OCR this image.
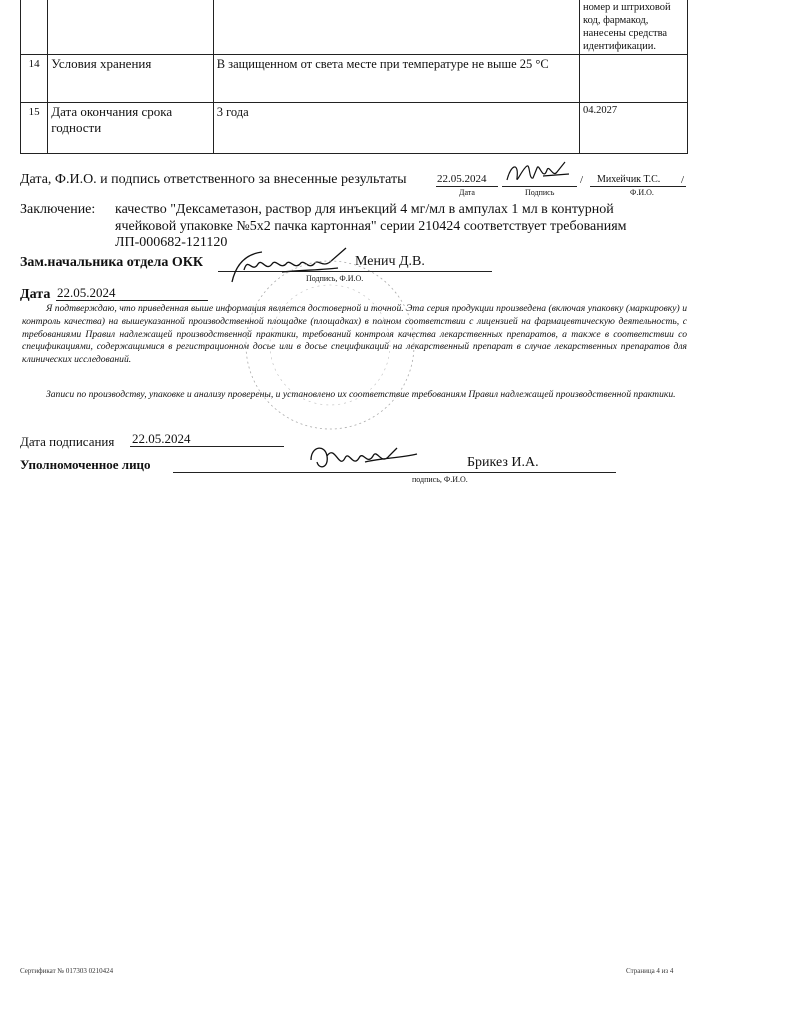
			номер и штриховой код, фармакод, нанесены средства идентификации.
14	Условия хранения	В защищенном от света месте при температуре не выше 25 °С	
15	Дата окончания срока годности	3 года	04.2027
Дата, Ф.И.О. и подпись ответственного за внесенные результаты	22.05.2024
Дата	Подпись
/ Михейчик Т.С. /
Ф.И.О.
Заключение: качество "Дексаметазон, раствор для инъекций 4 мг/мл в ампулах 1 мл в контурной
ячейковой упаковке №5х2 пачка картонная" серии 210424 соответствует требованиям
ЛП-000682-121120
Зам.начальника отдела ОКК	Менич Д.В.
Подпись, Ф.И.О.
Дата 22.05.2024
Я подтверждаю, что приведенная выше информация является достоверной и точной. Эта серия продукции произведена (включая упаковку (маркировку) и контроль качества) на вышеуказанной производственной площадке (площадках) в полном соответствии с лицензией на фармацевтическую деятельность, с требованиями Правил надлежащей производственной практики, требований контроля качества лекарственных препаратов, а также в соответствии со спецификациями, содержащимися в регистрационном досье или в досье спецификаций на лекарственный препарат в случае лекарственных препаратов для клинических исследований.
Записи по производству, упаковке и анализу проверены, и установлено их соответствие требованиям Правил надлежащей производственной практики.
Дата подписания 22.05.2024
Уполномоченное лицо	Брикез И.А.
подпись, Ф.И.О.
Сертификат № 017303 0210424	Страница 4 из 4
